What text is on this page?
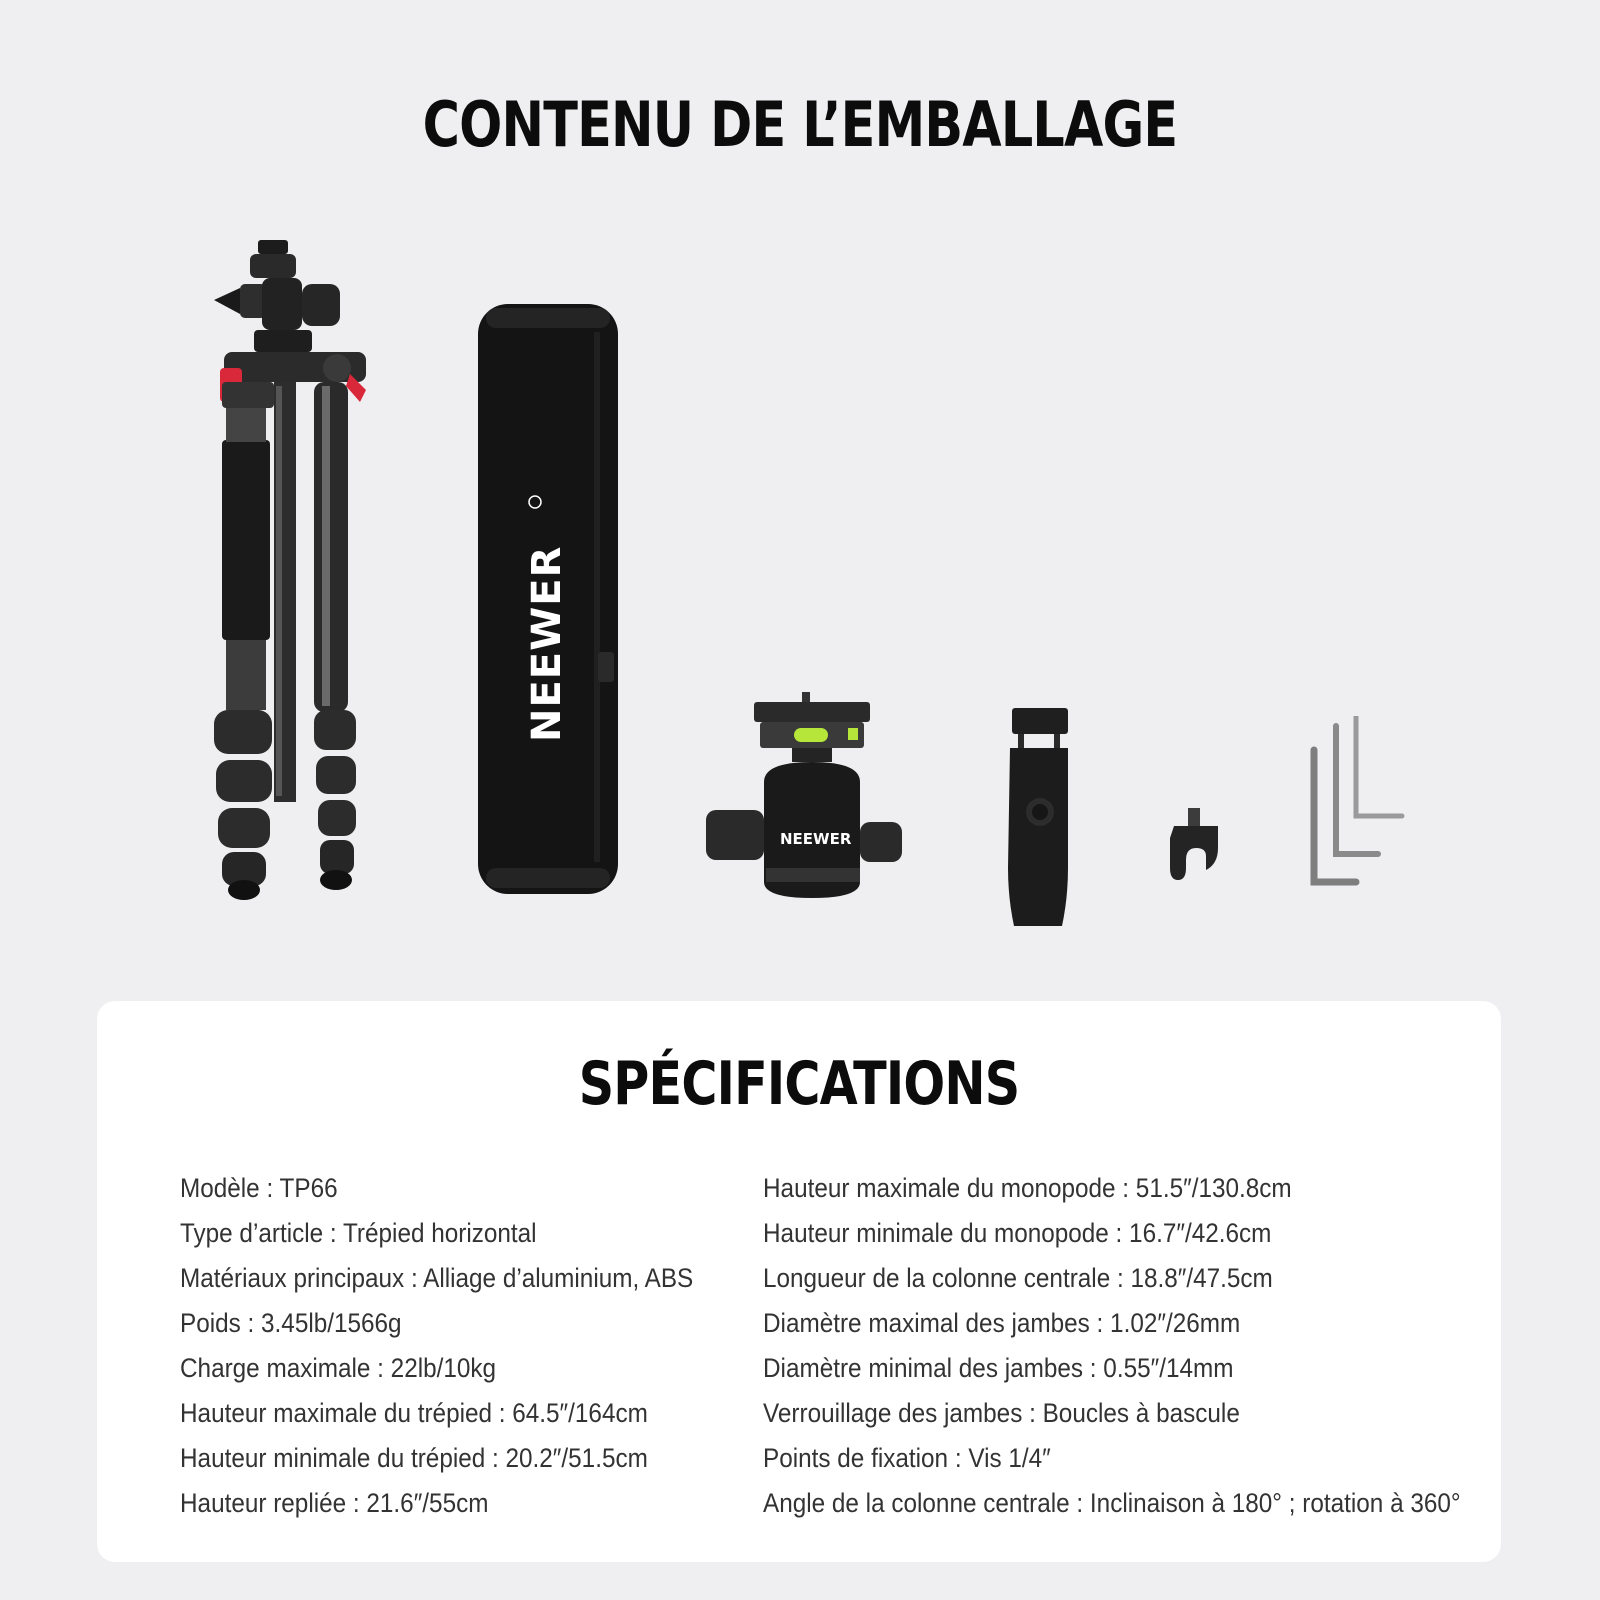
CONTENU DE L’EMBALLAGE
NEEWER
NEEWER
SPÉCIFICATIONS
Modèle : TP66
Type d’article : Trépied horizontal
Matériaux principaux : Alliage d’aluminium, ABS
Poids : 3.45lb/1566g
Charge maximale : 22lb/10kg
Hauteur maximale du trépied : 64.5″/164cm
Hauteur minimale du trépied : 20.2″/51.5cm
Hauteur repliée : 21.6″/55cm
Hauteur maximale du monopode : 51.5″/130.8cm
Hauteur minimale du monopode : 16.7″/42.6cm
Longueur de la colonne centrale : 18.8″/47.5cm
Diamètre maximal des jambes : 1.02″/26mm
Diamètre minimal des jambes : 0.55″/14mm
Verrouillage des jambes : Boucles à bascule
Points de fixation : Vis 1/4″
Angle de la colonne centrale : Inclinaison à 180° ; rotation à 360°
